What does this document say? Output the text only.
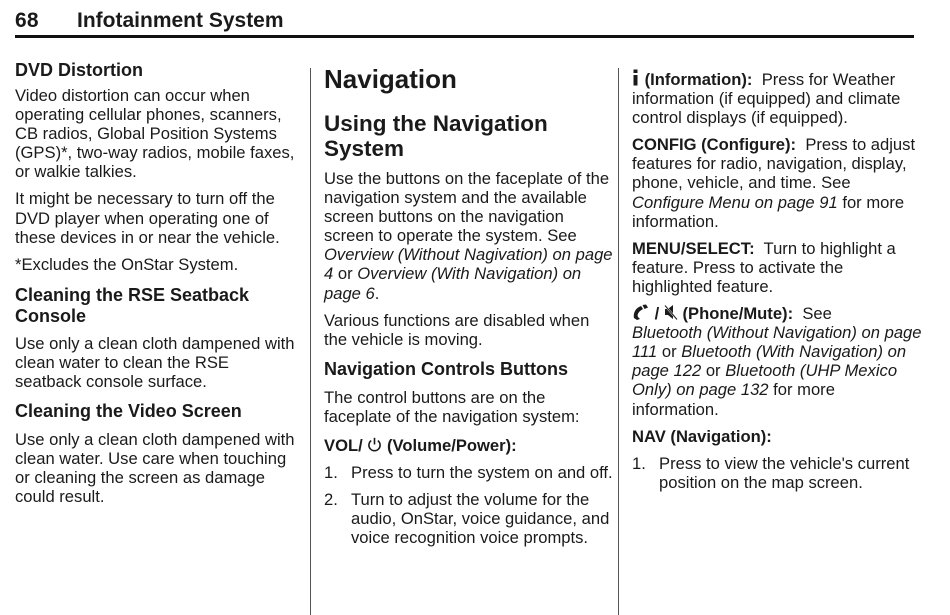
68 Infotainment System
DVD Distortion
Video distortion can occur when operating cellular phones, scanners, CB radios, Global Position Systems (GPS)*, two-way radios, mobile faxes, or walkie talkies.
It might be necessary to turn off the DVD player when operating one of these devices in or near the vehicle.
*Excludes the OnStar System.
Cleaning the RSE Seatback Console
Use only a clean cloth dampened with clean water to clean the RSE seatback console surface.
Cleaning the Video Screen
Use only a clean cloth dampened with clean water. Use care when touching or cleaning the screen as damage could result.
Navigation
Using the Navigation System
Use the buttons on the faceplate of the navigation system and the available screen buttons on the navigation screen to operate the system. See Overview (Without Nagivation) on page 4 or Overview (With Navigation) on page 6.
Various functions are disabled when the vehicle is moving.
Navigation Controls Buttons
The control buttons are on the faceplate of the navigation system:
VOL/ (Volume/Power):
1. Press to turn the system on and off.
2. Turn to adjust the volume for the audio, OnStar, voice guidance, and voice recognition voice prompts.
(Information): Press for Weather information (if equipped) and climate control displays (if equipped).
CONFIG (Configure): Press to adjust features for radio, navigation, display, phone, vehicle, and time. See Configure Menu on page 91 for more information.
MENU/SELECT: Turn to highlight a feature. Press to activate the highlighted feature.
/ (Phone/Mute): See
Bluetooth (Without Navigation) on page 111 or Bluetooth (With Navigation) on page 122 or Bluetooth (UHP Mexico Only) on page 132 for more information.
NAV (Navigation):
1. Press to view the vehicle's current position on the map screen.
